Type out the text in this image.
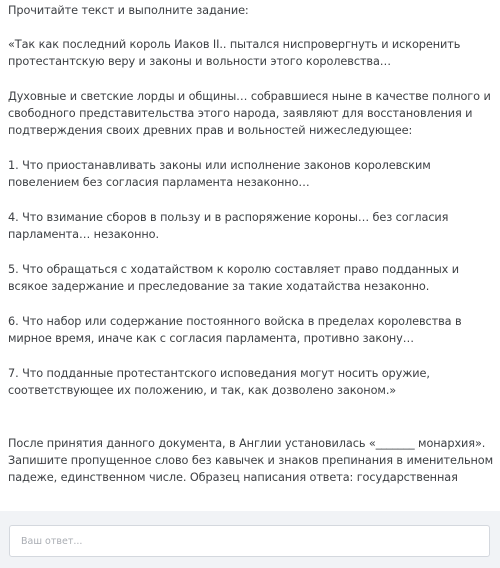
Прочитайте текст и выполните задание:

«Так как последний король Иаков II.. пытался ниспровергнуть и искоренить протестантскую веру и законы и вольности этого королевства…

Духовные и светские лорды и общины… собравшиеся ныне в качестве полного и свободного представительства этого народа, заявляют для восстановления и подтверждения своих древних прав и вольностей нижеследующее:

1. Что приостанавливать законы или исполнение законов королевским повелением без согласия парламента незаконно…

4. Что взимание сборов в пользу и в распоряжение короны… без согласия парламента… незаконно.

5. Что обращаться с ходатайством к королю составляет право подданных и всякое задержание и преследование за такие ходатайства незаконно.

6. Что набор или содержание постоянного войска в пределах королевства в мирное время, иначе как с согласия парламента, противно закону…

7. Что подданные протестантского исповедания могут носить оружие, соответствующее их положению, и так, как дозволено законом.»

После принятия данного документа, в Англии установилась «_______ монархия». Запишите пропущенное слово без кавычек и знаков препинания в именительном падеже, единственном числе. Образец написания ответа: государственная

Ваш ответ...
